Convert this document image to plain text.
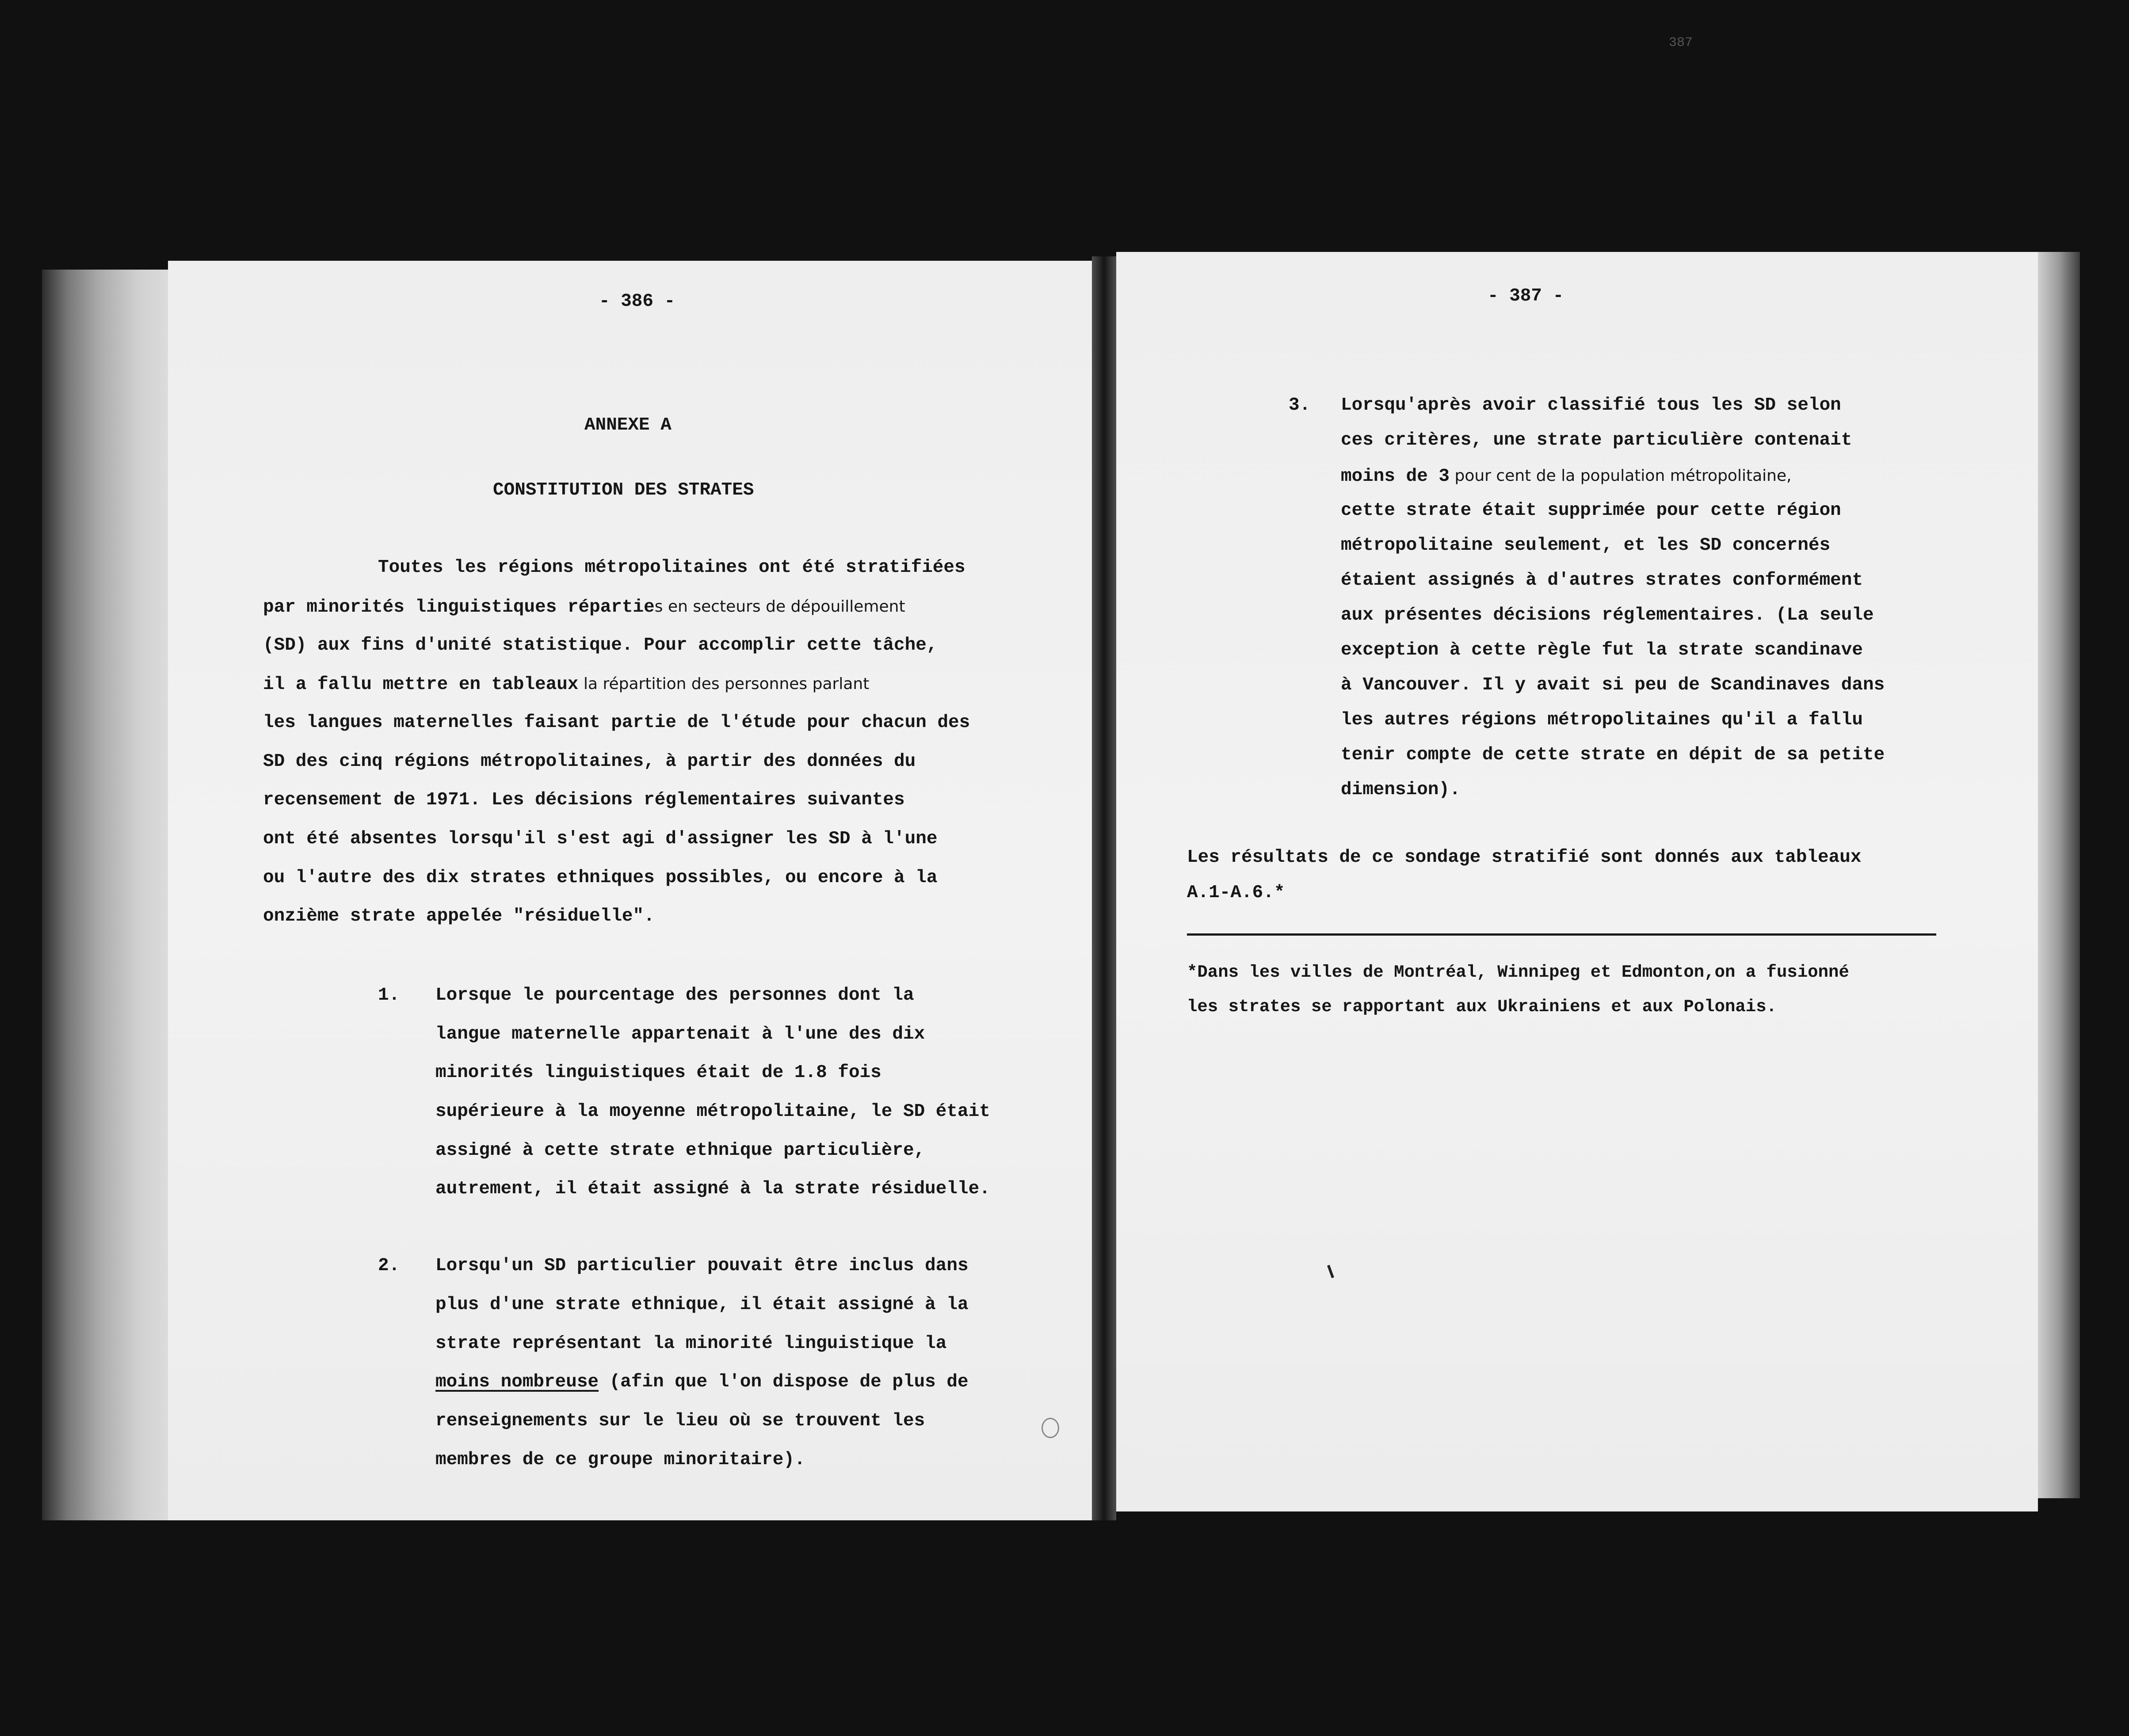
387
- 386 -
ANNEXE A
CONSTITUTION DES STRATES
Toutes les régions métropolitaines ont été stratifiées
par minorités linguistiques réparties en secteurs de dépouillement
(SD) aux fins d'unité statistique. Pour accomplir cette tâche,
il a fallu mettre en tableaux la répartition des personnes parlant
les langues maternelles faisant partie de l'étude pour chacun des
SD des cinq régions métropolitaines, à partir des données du
recensement de 1971. Les décisions réglementaires suivantes
ont été absentes lorsqu'il s'est agi d'assigner les SD à l'une
ou l'autre des dix strates ethniques possibles, ou encore à la
onzième strate appelée "résiduelle".
1. Lorsque le pourcentage des personnes dont la
langue maternelle appartenait à l'une des dix
minorités linguistiques était de 1.8 fois
supérieure à la moyenne métropolitaine, le SD était
assigné à cette strate ethnique particulière,
autrement, il était assigné à la strate résiduelle.
2. Lorsqu'un SD particulier pouvait être inclus dans
plus d'une strate ethnique, il était assigné à la
strate représentant la minorité linguistique la
moins nombreuse (afin que l'on dispose de plus de
renseignements sur le lieu où se trouvent les
membres de ce groupe minoritaire).
- 387 -
3. Lorsqu'après avoir classifié tous les SD selon
ces critères, une strate particulière contenait
moins de 3 pour cent de la population métropolitaine,
cette strate était supprimée pour cette région
métropolitaine seulement, et les SD concernés
étaient assignés à d'autres strates conformément
aux présentes décisions réglementaires. (La seule
exception à cette règle fut la strate scandinave
à Vancouver. Il y avait si peu de Scandinaves dans
les autres régions métropolitaines qu'il a fallu
tenir compte de cette strate en dépit de sa petite
dimension).
Les résultats de ce sondage stratifié sont donnés aux tableaux
A.1-A.6.*
*Dans les villes de Montréal, Winnipeg et Edmonton,on a fusionné
les strates se rapportant aux Ukrainiens et aux Polonais.
